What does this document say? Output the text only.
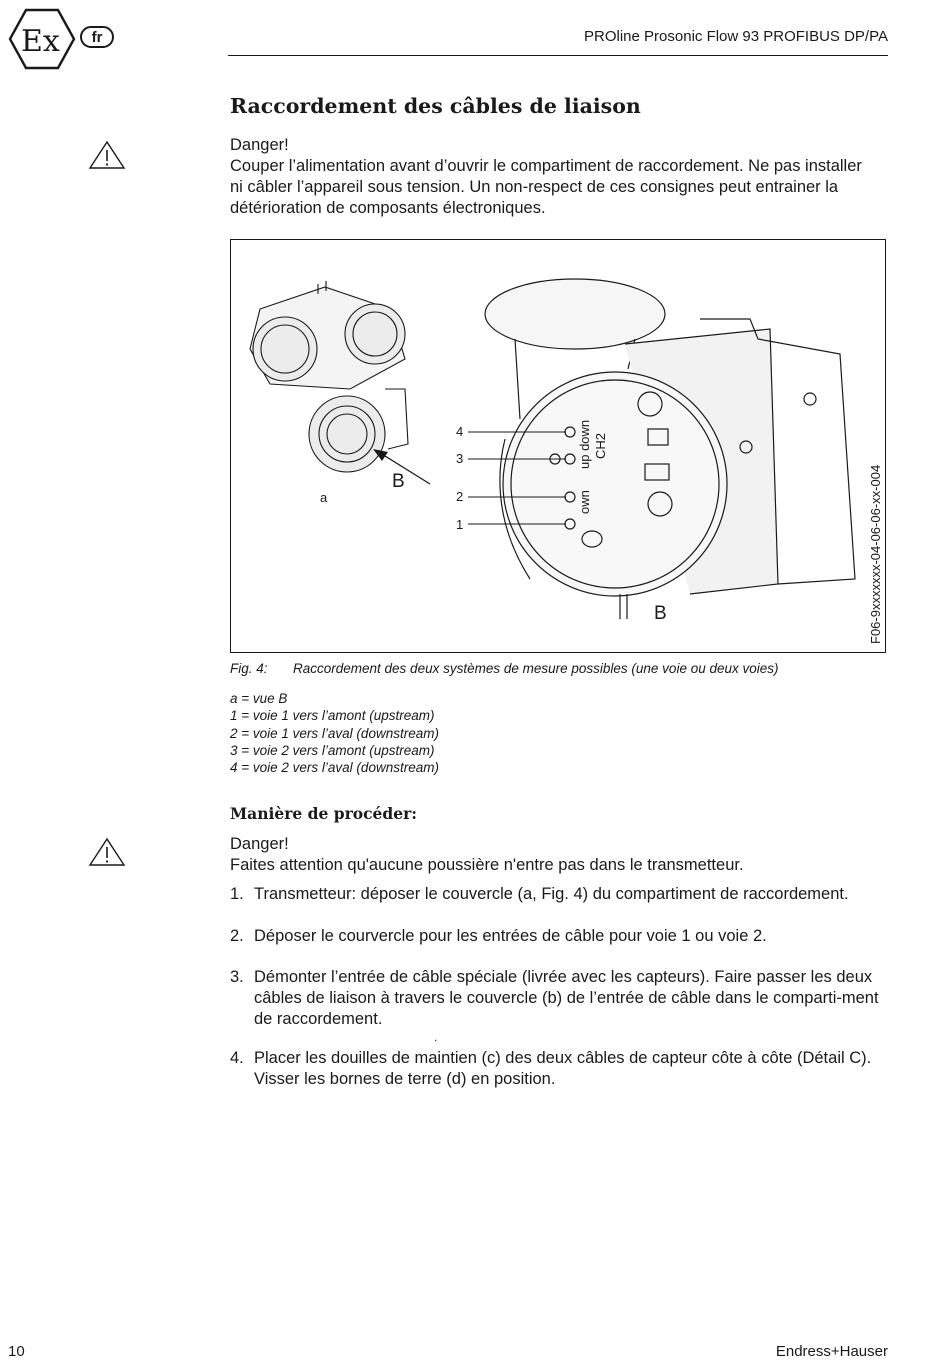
Ex	fr	PROline Prosonic Flow 93 PROFIBUS DP/PA
Raccordement des câbles de liaison
Danger!
Couper l’alimentation avant d’ouvrir le compartiment de raccordement. Ne pas installer
ni câbler l’appareil sous tension. Un non-respect de ces consignes peut entrainer la
détérioration de composants électroniques.
a
B
4
3
2
1
up down CH2
own
B	F06-9xxxxxxx-04-06-06-xx-004
Fig. 4: Raccordement des deux systèmes de mesure possibles (une voie ou deux voies)
a = vue B
1 = voie 1 vers l’amont (upstream)
2 = voie 1 vers l’aval (downstream)
3 = voie 2 vers l’amont (upstream)
4 = voie 2 vers l’aval (downstream)
Manière de procéder:
Danger!
Faites attention qu'aucune poussière n'entre pas dans le transmetteur.
1. Transmetteur: déposer le couvercle (a, Fig. 4) du compartiment de raccordement.
2. Déposer le courvercle pour les entrées de câble pour voie 1 ou voie 2.
3. Démonter l’entrée de câble spéciale (livrée avec les capteurs). Faire passer les deux câbles de liaison à travers le couvercle (b) de l’entrée de câble dans le comparti-ment de raccordement.
.
4. Placer les douilles de maintien (c) des deux câbles de capteur côte à côte (Détail C). Visser les bornes de terre (d) en position.
10	Endress+Hauser
